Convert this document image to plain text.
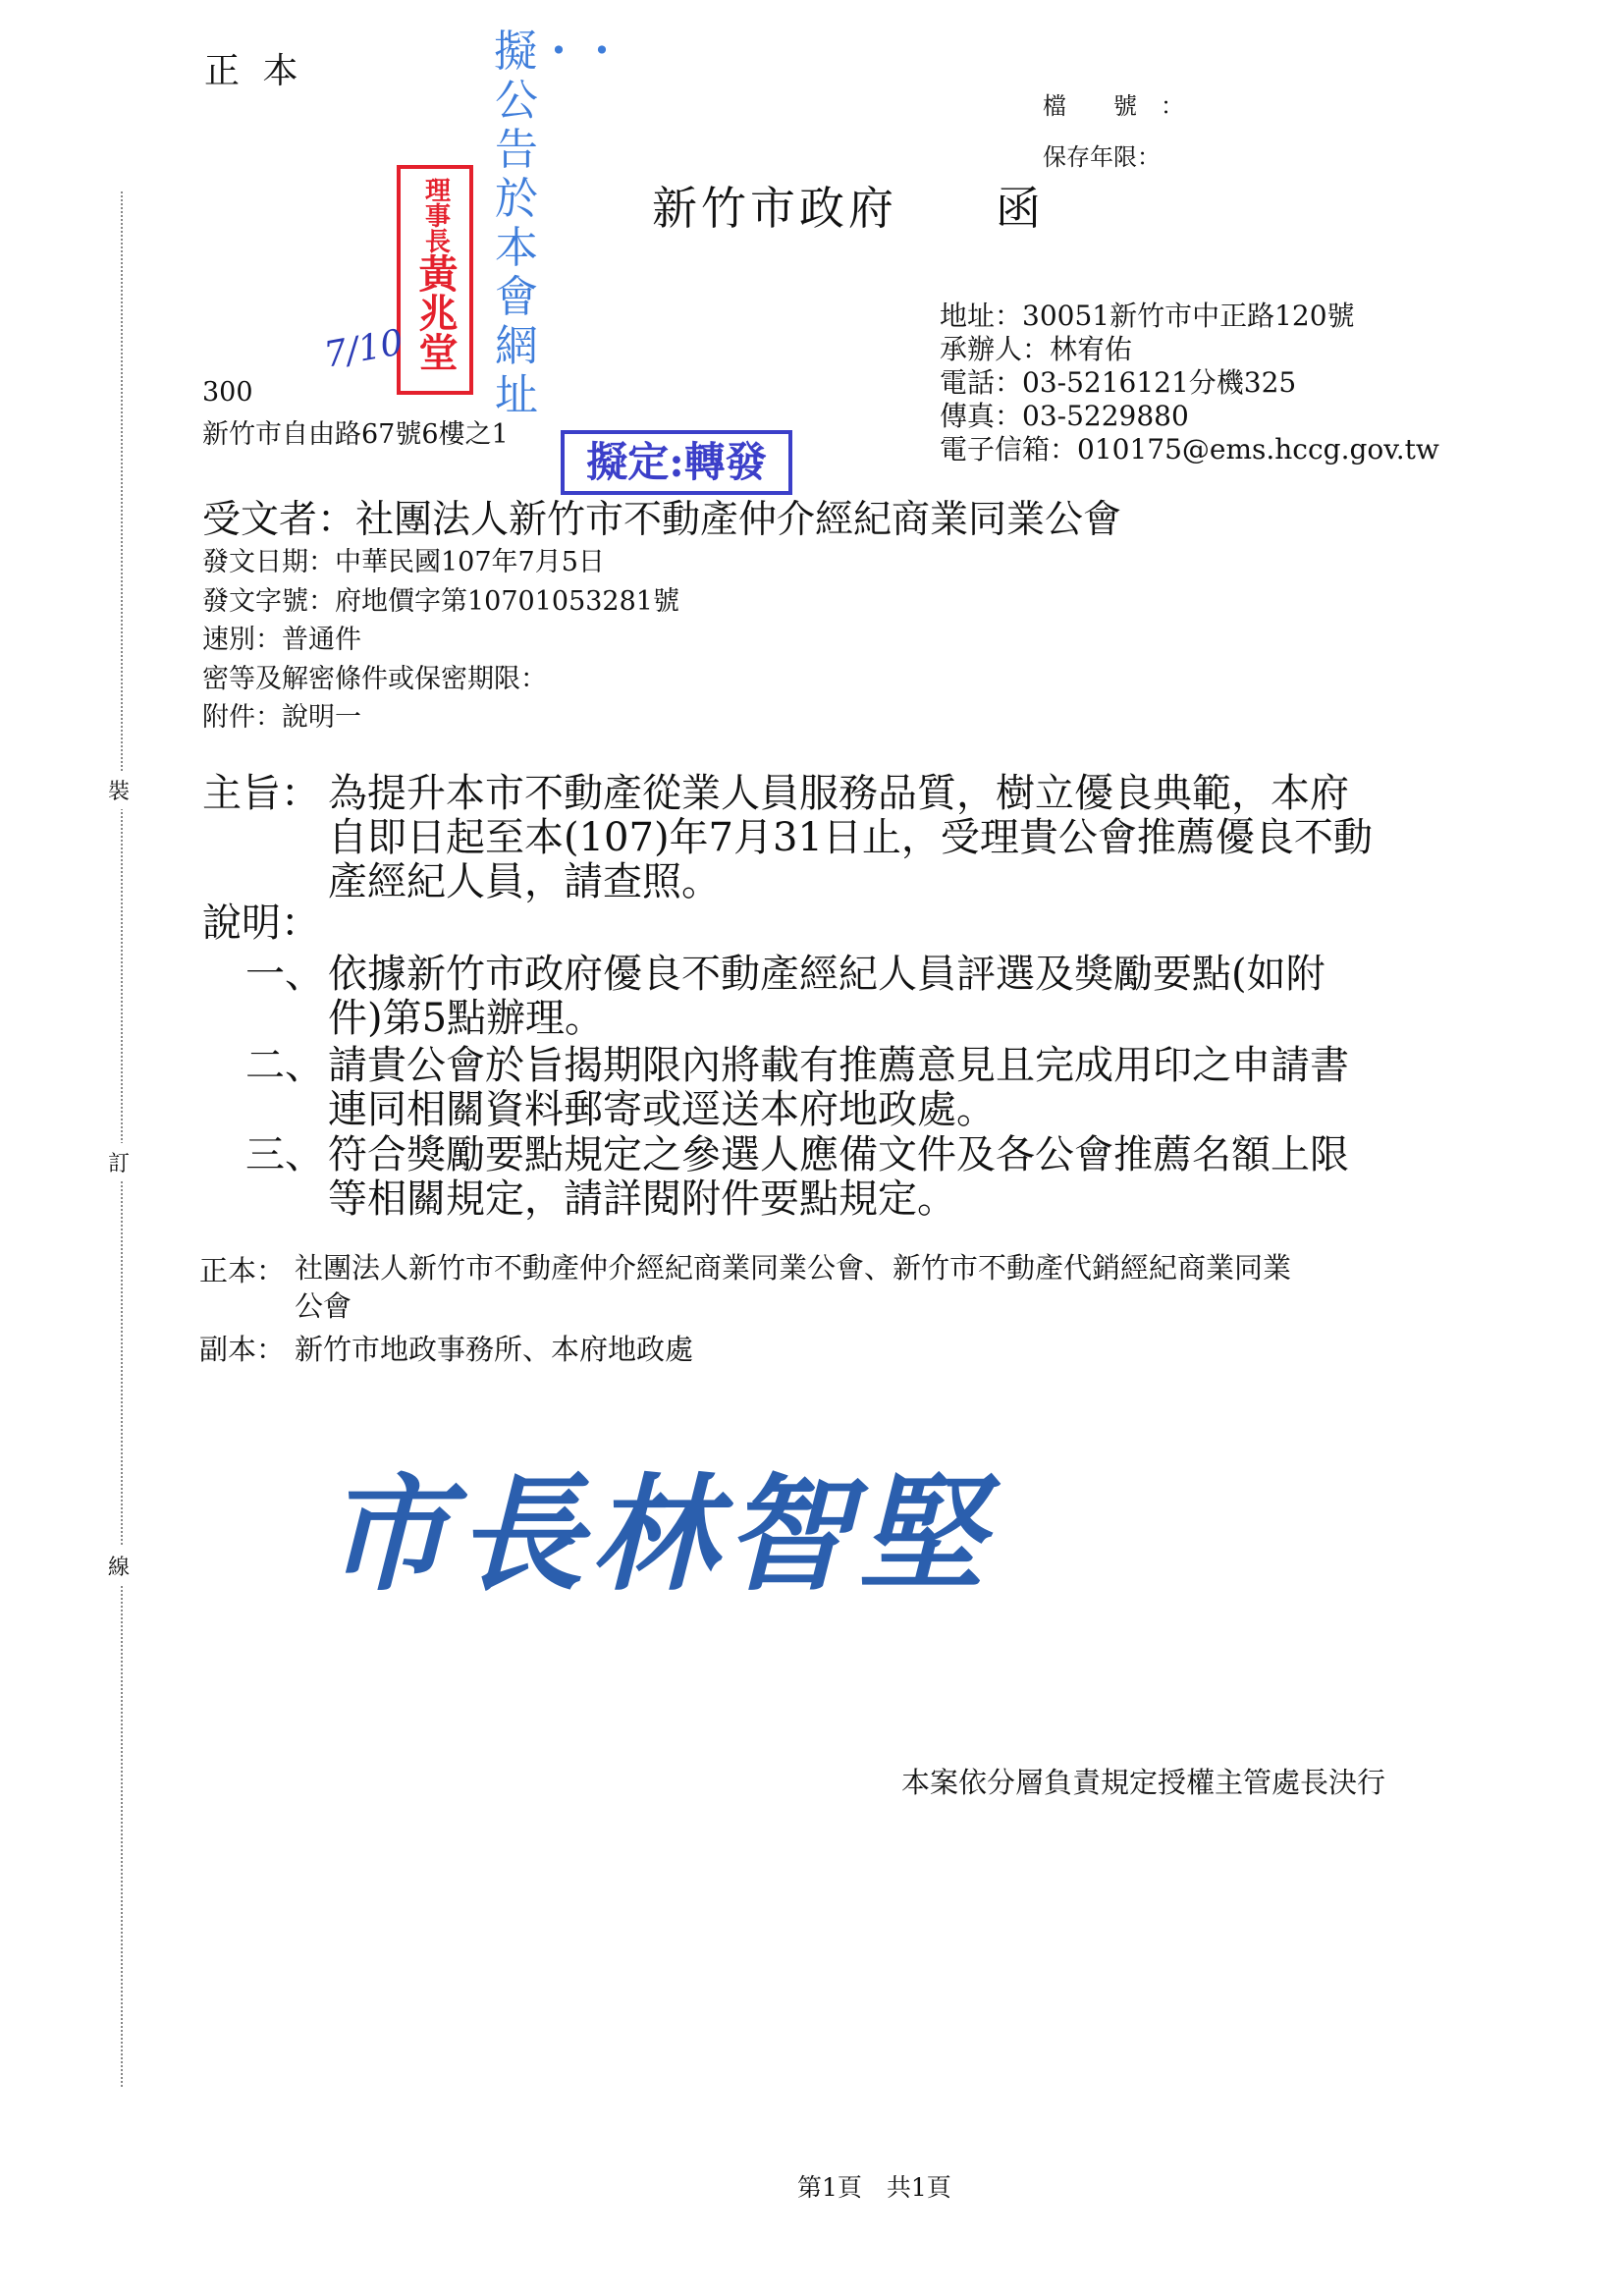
裝
訂
線
正 本	擬・・公告於本會網址
理事長
黃兆堂
7/10
檔　　號　：
保存年限：
新竹市政府　　函
地址：30051新竹市中正路120號
承辦人：林宥佑
電話：03-5216121分機325
傳真：03-5229880
電子信箱：010175@ems.hccg.gov.tw
300
新竹市自由路67號6樓之1
擬定:轉發
受文者：社團法人新竹市不動產仲介經紀商業同業公會
發文日期：中華民國107年7月5日
發文字號：府地價字第10701053281號
速別：普通件
密等及解密條件或保密期限：
附件：說明一
主旨： 為提升本市不動產從業人員服務品質，樹立優良典範，本府
自即日起至本(107)年7月31日止，受理貴公會推薦優良不動
產經紀人員，請查照。
說明：
一、 依據新竹市政府優良不動產經紀人員評選及獎勵要點(如附
件)第5點辦理。
二、 請貴公會於旨揭期限內將載有推薦意見且完成用印之申請書
連同相關資料郵寄或逕送本府地政處。
三、 符合獎勵要點規定之參選人應備文件及各公會推薦名額上限
等相關規定，請詳閱附件要點規定。
正本： 社團法人新竹市不動產仲介經紀商業同業公會、新竹市不動產代銷經紀商業同業
公會
副本： 新竹市地政事務所、本府地政處
市長林智堅
本案依分層負責規定授權主管處長決行
第1頁　共1頁
